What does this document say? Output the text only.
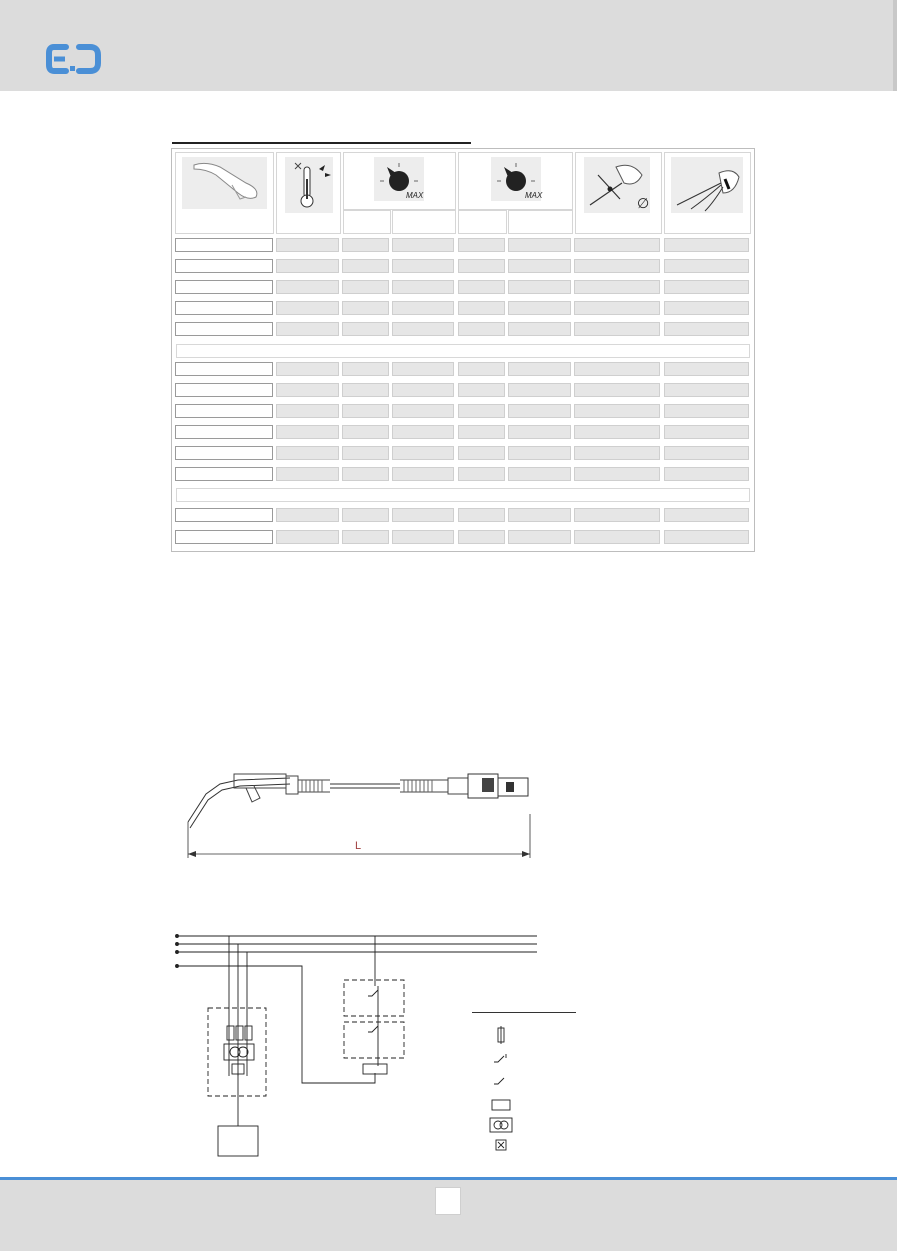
MAX	MAX	∅
L
